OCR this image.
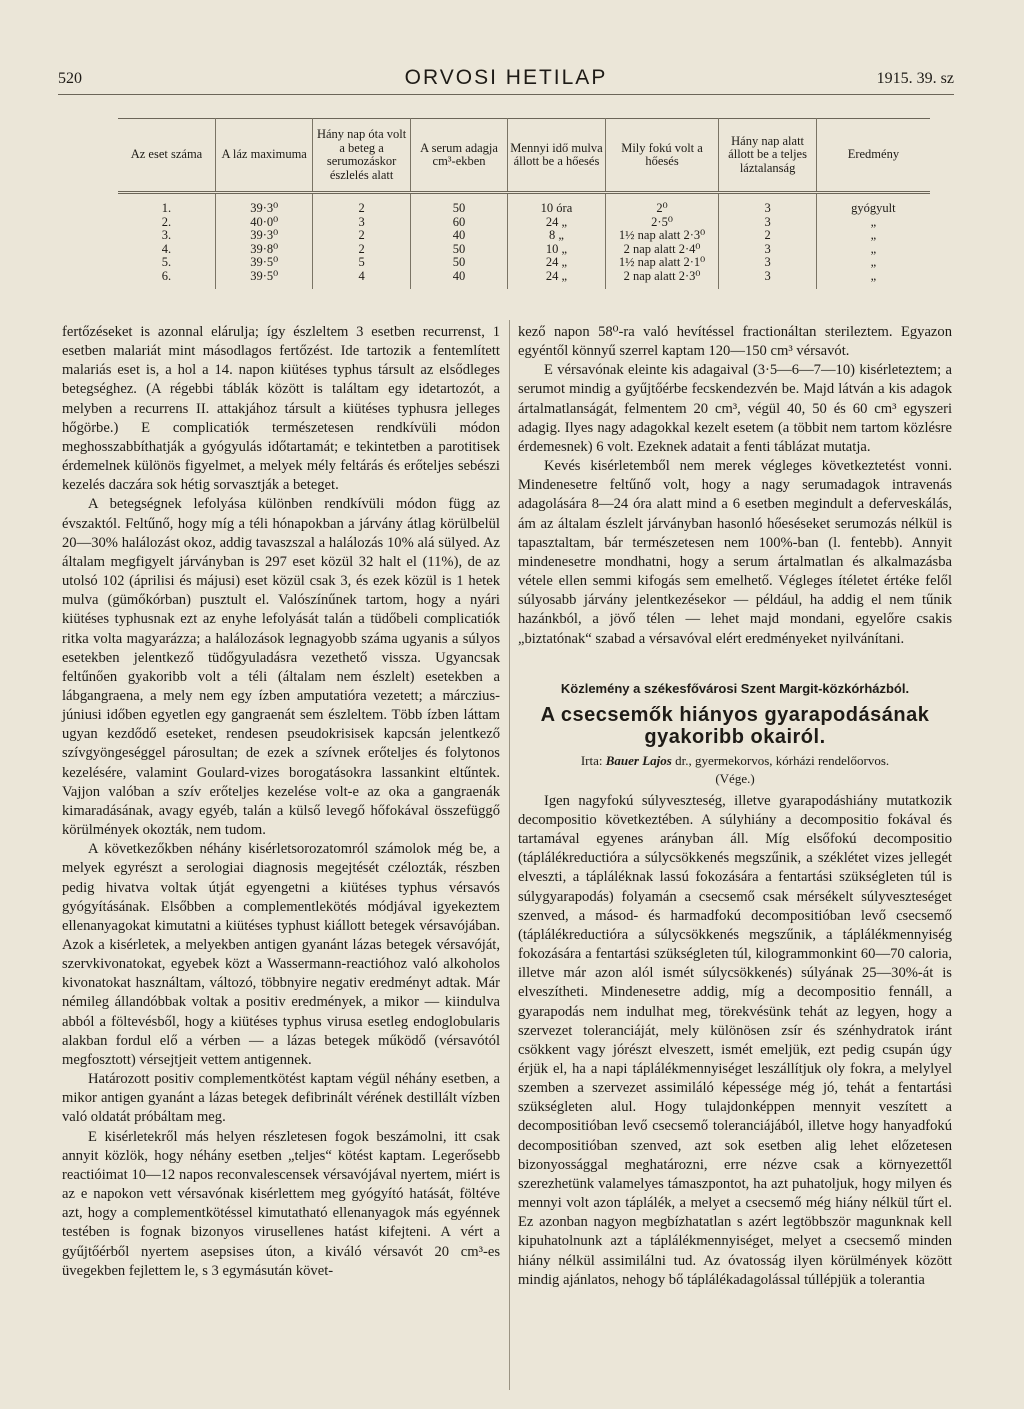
520	ORVOSI HETILAP	1915. 39. sz
Az eset száma	A láz maximuma	Hány nap óta volt a beteg a serumozáskor észlelés alatt	A serum adagja cm³-ekben	Mennyi idő mulva állott be a hőesés	Mily fokú volt a hőesés	Hány nap alatt állott be a teljes láztalanság	Eredmény
1.	39·3⁰	2	50	10 óra	2⁰	3	gyógyult
2.	40·0⁰	3	60	24 „	2·5⁰	3	„
3.	39·3⁰	2	40	8 „	1½ nap alatt 2·3⁰	2	„
4.	39·8⁰	2	50	10 „	2 nap alatt 2·4⁰	3	„
5.	39·5⁰	5	50	24 „	1½ nap alatt 2·1⁰	3	„
6.	39·5⁰	4	40	24 „	2 nap alatt 2·3⁰	3	„

fertőzéseket is azonnal elárulja; így észleltem 3 esetben recurrenst, 1 esetben malariát mint másodlagos fertőzést. Ide tartozik a fentemlített malariás eset is, a hol a 14. napon kiütéses typhus társult az elsődleges betegséghez. (A régebbi táblák között is találtam egy idetartozót, a melyben a recurrens II. attakjához társult a kiütéses typhusra jelleges hőgörbe.) E complicatiók természetesen rendkívüli módon meghosszabbíthatják a gyógyulás időtartamát; e tekintetben a parotitisek érdemelnek különös figyelmet, a melyek mély feltárás és erőteljes sebészi kezelés daczára sok hétig sorvasztják a beteget.

A betegségnek lefolyása különben rendkívüli módon függ az évszaktól. Feltűnő, hogy míg a téli hónapokban a járvány átlag körülbelül 20—30% halálozást okoz, addig tavaszszal a halálozás 10% alá sülyed. Az általam megfigyelt járványban is 297 eset közül 32 halt el (11%), de az utolsó 102 (áprilisi és májusi) eset közül csak 3, és ezek közül is 1 hetek mulva (gümőkórban) pusztult el. Valószínűnek tartom, hogy a nyári kiütéses typhusnak ezt az enyhe lefolyását talán a tüdőbeli complicatiók ritka volta magyarázza; a halálozások legnagyobb száma ugyanis a súlyos esetekben jelentkező tüdőgyuladásra vezethető vissza. Ugyancsak feltűnően gyakoribb volt a téli (általam nem észlelt) esetekben a lábgangraena, a mely nem egy ízben amputatióra vezetett; a márczius-júniusi időben egyetlen egy gangraenát sem észleltem. Több ízben láttam ugyan kezdődő eseteket, rendesen pseudokrisisek kapcsán jelentkező szívgyöngeséggel párosultan; de ezek a szívnek erőteljes és folytonos kezelésére, valamint Goulard-vizes borogatásokra lassankint eltűntek. Vajjon valóban a szív erőteljes kezelése volt-e az oka a gangraenák kimaradásának, avagy egyéb, talán a külső levegő hőfokával összefüggő körülmények okozták, nem tudom.

A következőkben néhány kisérletsorozatomról számolok még be, a melyek egyrészt a serologiai diagnosis megejtését czélozták, részben pedig hivatva voltak útját egyengetni a kiütéses typhus vérsavós gyógyításának. Elsőbben a complementlekötés módjával igyekeztem ellenanyagokat kimutatni a kiütéses typhust kiállott betegek vérsavójában. Azok a kisérletek, a melyekben antigen gyanánt lázas betegek vérsavóját, szervkivonatokat, egyebek közt a Wassermann-reactióhoz való alkoholos kivonatokat használtam, változó, többnyire negativ eredményt adtak. Már némileg állandóbbak voltak a positiv eredmények, a mikor — kiindulva abból a föltevésből, hogy a kiütéses typhus virusa esetleg endoglobularis alakban fordul elő a vérben — a lázas betegek működő (vérsavótól megfosztott) vérsejtjeit vettem antigennek.

Határozott positiv complementkötést kaptam végül néhány esetben, a mikor antigen gyanánt a lázas betegek defibrinált vérének destillált vízben való oldatát próbáltam meg.

E kisérletekről más helyen részletesen fogok beszámolni, itt csak annyit közlök, hogy néhány esetben „teljes“ kötést kaptam. Legerősebb reactióimat 10—12 napos reconvalescensek vérsavójával nyertem, miért is az e napokon vett vérsavónak kisérlettem meg gyógyító hatását, föltéve azt, hogy a complementkötéssel kimutatható ellenanyagok más egyénnek testében is fognak bizonyos virusellenes hatást kifejteni. A vért a gyűjtőérből nyertem asepsises úton, a kiváló vérsavót 20 cm³-es üvegekben fejlettem le, s 3 egymásután követ-

kező napon 58⁰-ra való hevítéssel fractionáltan sterileztem. Egyazon egyéntől könnyű szerrel kaptam 120—150 cm³ vérsavót.

E vérsavónak eleinte kis adagaival (3·5—6—7—10) kisérleteztem; a serumot mindig a gyűjtőérbe fecskendezvén be. Majd látván a kis adagok ártalmatlanságát, felmentem 20 cm³, végül 40, 50 és 60 cm³ egyszeri adagig. Ilyes nagy adagokkal kezelt esetem (a többit nem tartom közlésre érdemesnek) 6 volt. Ezeknek adatait a fenti táblázat mutatja.

Kevés kisérletemből nem merek végleges következtetést vonni. Mindenesetre feltűnő volt, hogy a nagy serumadagok intravenás adagolására 8—24 óra alatt mind a 6 esetben megindult a deferveskálás, ám az általam észlelt járványban hasonló hőeséseket serumozás nélkül is tapasztaltam, bár természetesen nem 100%-ban (l. fentebb). Annyit mindenesetre mondhatni, hogy a serum ártalmatlan és alkalmazásba vétele ellen semmi kifogás sem emelhető. Végleges ítéletet értéke felől súlyosabb járvány jelentkezésekor — például, ha addig el nem tűnik hazánkból, a jövő télen — lehet majd mondani, egyelőre csakis „biztatónak“ szabad a vérsavóval elért eredményeket nyilvánítani.

Közlemény a székesfővárosi Szent Margit-közkórházból.
A csecsemők hiányos gyarapodásának
gyakoribb okairól.
Irta: Bauer Lajos dr., gyermekorvos, kórházi rendelőorvos.
(Vége.)

Igen nagyfokú súlyveszteség, illetve gyarapodáshiány mutatkozik decompositio következtében. A súlyhiány a decompositio fokával és tartamával egyenes arányban áll. Míg elsőfokú decompositio (táplálékreductióra a súlycsökkenés megszűnik, a széklétet vizes jellegét elveszti, a tápláléknak lassú fokozására a fentartási szükségleten túl is súlygyarapodás) folyamán a csecsemő csak mérsékelt súlyveszteséget szenved, a másod- és harmadfokú decompositióban levő csecsemő (táplálékreductióra a súlycsökkenés megszűnik, a táplálékmennyiség fokozására a fentartási szükségleten túl, kilogrammonkint 60—70 caloria, illetve már azon alól ismét súlycsökkenés) súlyának 25—30%-át is elveszítheti. Mindenesetre addig, míg a decompositio fennáll, a gyarapodás nem indulhat meg, törekvésünk tehát az legyen, hogy a szervezet toleranciáját, mely különösen zsír és szénhydratok iránt csökkent vagy jórészt elveszett, ismét emeljük, ezt pedig csupán úgy érjük el, ha a napi táplálékmennyiséget leszállítjuk oly fokra, a melylyel szemben a szervezet assimiláló képessége még jó, tehát a fentartási szükségleten alul. Hogy tulajdonképpen mennyit veszített a decompositióban levő csecsemő toleranciájából, illetve hogy hanyadfokú decompositióban szenved, azt sok esetben alig lehet előzetesen bizonyossággal meghatározni, erre nézve csak a környezettől szerezhetünk valamelyes támaszpontot, ha azt puhatoljuk, hogy milyen és mennyi volt azon táplálék, a melyet a csecsemő még hiány nélkül tűrt el. Ez azonban nagyon megbízhatatlan s azért legtöbbször magunknak kell kipuhatolnunk azt a táplálékmennyiséget, melyet a csecsemő minden hiány nélkül assimilálni tud. Az óvatosság ilyen körülmények között mindig ajánlatos, nehogy bő táplálékadagolással túllépjük a tolerantia
